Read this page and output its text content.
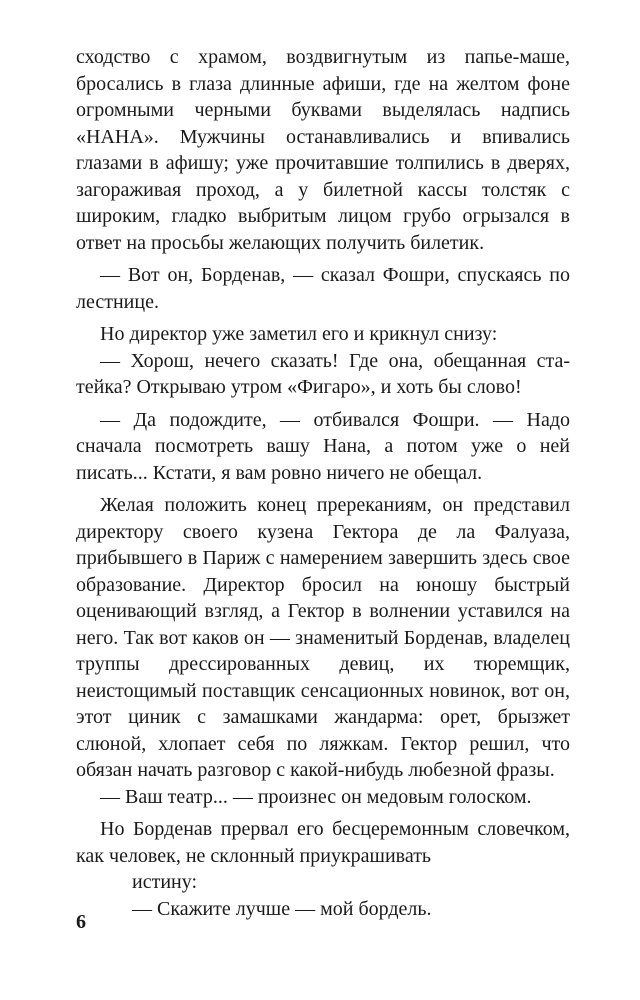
сходство с храмом, воздвигнутым из папье-маше, бросались в глаза длинные афиши, где на желтом фоне огромными черными буквами выделялась надпись «НАНА». Мужчины останавливались и впивались глазами в афишу; уже прочитавшие толпились в дверях, загораживая проход, а у билетной кассы толстяк с широким, гладко выбритым лицом грубо огрызался в ответ на просьбы желающих получить билетик.

— Вот он, Борденав, — сказал Фошри, спускаясь по лестнице.

Но директор уже заметил его и крикнул снизу:

— Хорош, нечего сказать! Где она, обещанная статейка? Открываю утром «Фигаро», и хоть бы слово!

— Да подождите, — отбивался Фошри. — Надо сначала посмотреть вашу Нана, а потом уже о ней писать... Кстати, я вам ровно ничего не обещал.

Желая положить конец пререканиям, он представил директору своего кузена Гектора де ла Фалуаза, прибывшего в Париж с намерением завершить здесь свое образование. Директор бросил на юношу быстрый оценивающий взгляд, а Гектор в волнении уставился на него. Так вот каков он — знаменитый Борденав, владелец труппы дрессированных девиц, их тюремщик, неистощимый поставщик сенсационных новинок, вот он, этот циник с замашками жандарма: орет, брызжет слюной, хлопает себя по ляжкам. Гектор решил, что обязан начать разговор с какой-нибудь любезной фразы.

— Ваш театр... — произнес он медовым голоском.

Но Борденав прервал его бесцеремонным словечком, как человек, не склонный приукрашивать

истину:

— Скажите лучше — мой бордель.

6
